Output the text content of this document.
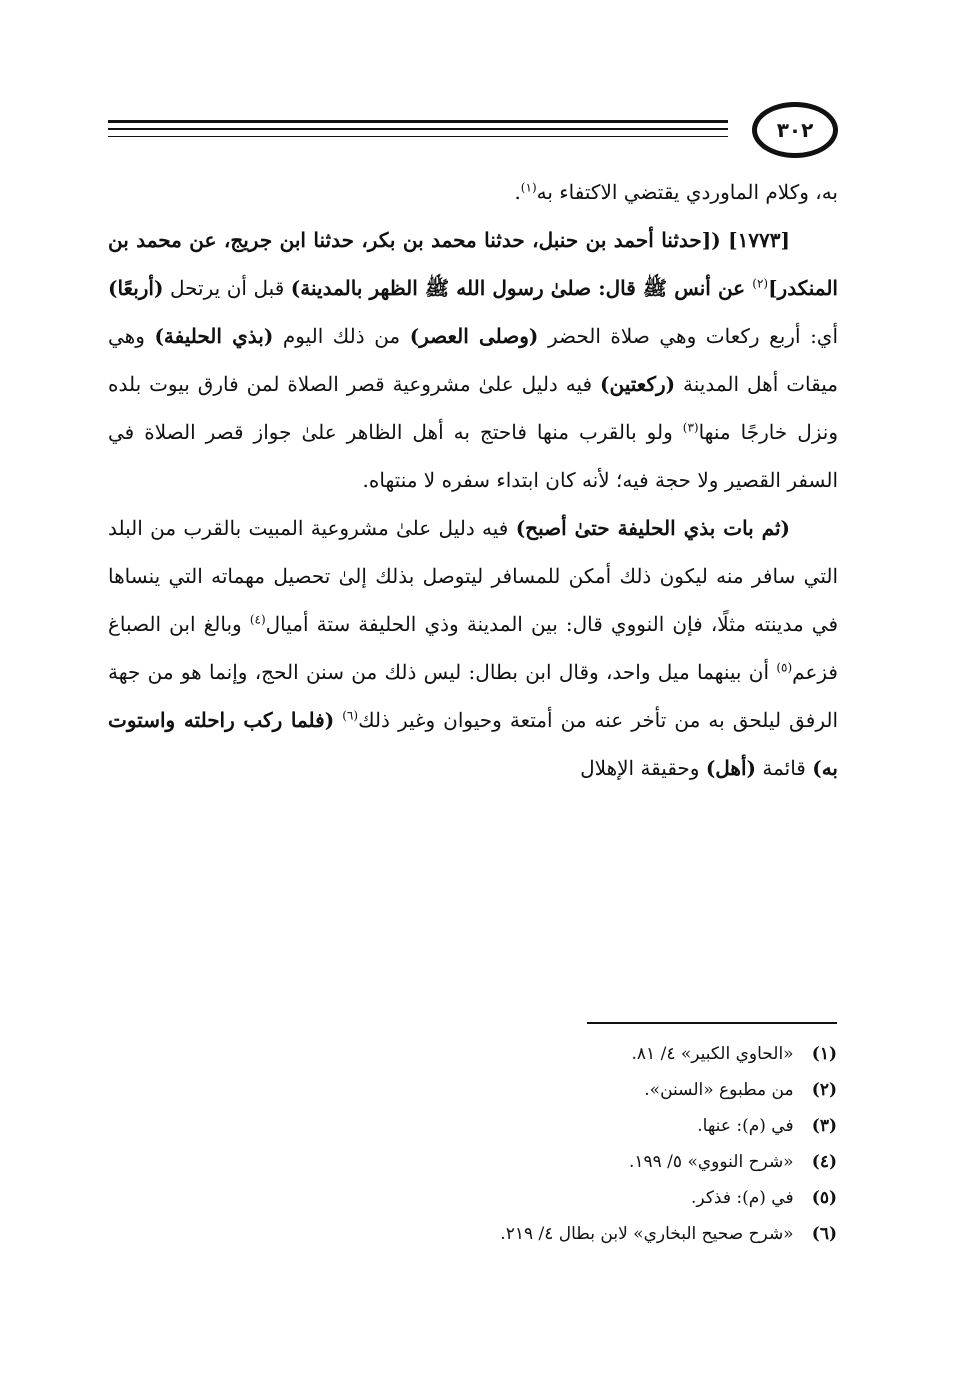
٣٠٢

به، وكلام الماوردي يقتضي الاكتفاء به$^{(١)}$.

[١٧٧٣] ([حدثنا أحمد بن حنبل، حدثنا محمد بن بكر، حدثنا ابن جريج، عن محمد بن المنكدر]$^{(٢)}$ عن أنس ﷺ قال: صلىٰ رسول الله ﷺ الظهر بالمدينة) قبل أن يرتحل (أربعًا) أي: أربع ركعات وهي صلاة الحضر (وصلى العصر) من ذلك اليوم (بذي الحليفة) وهي ميقات أهل المدينة (ركعتين) فيه دليل علىٰ مشروعية قصر الصلاة لمن فارق بيوت بلده ونزل خارجًا منها$^{(٣)}$ ولو بالقرب منها فاحتج به أهل الظاهر علىٰ جواز قصر الصلاة في السفر القصير ولا حجة فيه؛ لأنه كان ابتداء سفره لا منتهاه.

(ثم بات بذي الحليفة حتىٰ أصبح) فيه دليل علىٰ مشروعية المبيت بالقرب من البلد التي سافر منه ليكون ذلك أمكن للمسافر ليتوصل بذلك إلىٰ تحصيل مهماته التي ينساها في مدينته مثلًا، فإن النووي قال: بين المدينة وذي الحليفة ستة أميال$^{(٤)}$ وبالغ ابن الصباغ فزعم$^{(٥)}$ أن بينهما ميل واحد، وقال ابن بطال: ليس ذلك من سنن الحج، وإنما هو من جهة الرفق ليلحق به من تأخر عنه من أمتعة وحيوان وغير ذلك$^{(٦)}$ (فلما ركب راحلته واستوت به) قائمة (أهل) وحقيقة الإهلال

(١) «الحاوي الكبير» ٤/ ٨١.
(٢) من مطبوع «السنن».
(٣) في (م): عنها.
(٤) «شرح النووي» ٥/ ١٩٩.
(٥) في (م): فذكر.
(٦) «شرح صحيح البخاري» لابن بطال ٤/ ٢١٩.
